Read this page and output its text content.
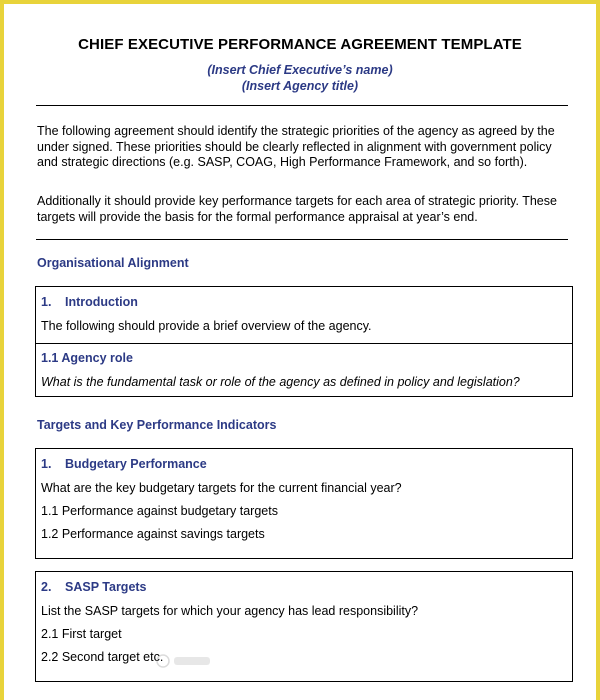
CHIEF EXECUTIVE PERFORMANCE AGREEMENT TEMPLATE
(Insert Chief Executive’s name)
(Insert Agency title)
The following agreement should identify the strategic priorities of the agency as agreed by the under signed. These priorities should be clearly reflected in alignment with government policy and strategic directions (e.g. SASP, COAG, High Performance Framework, and so forth).
Additionally it should provide key performance targets for each area of strategic priority. These targets will provide the basis for the formal performance appraisal at year’s end.
Organisational Alignment
1. Introduction
The following should provide a brief overview of the agency.
1.1 Agency role
What is the fundamental task or role of the agency as defined in policy and legislation?
Targets and Key Performance Indicators
1. Budgetary Performance
What are the key budgetary targets for the current financial year?
1.1 Performance against budgetary targets
1.2 Performance against savings targets
2. SASP Targets
List the SASP targets for which your agency has lead responsibility?
2.1 First target
2.2 Second target etc.
